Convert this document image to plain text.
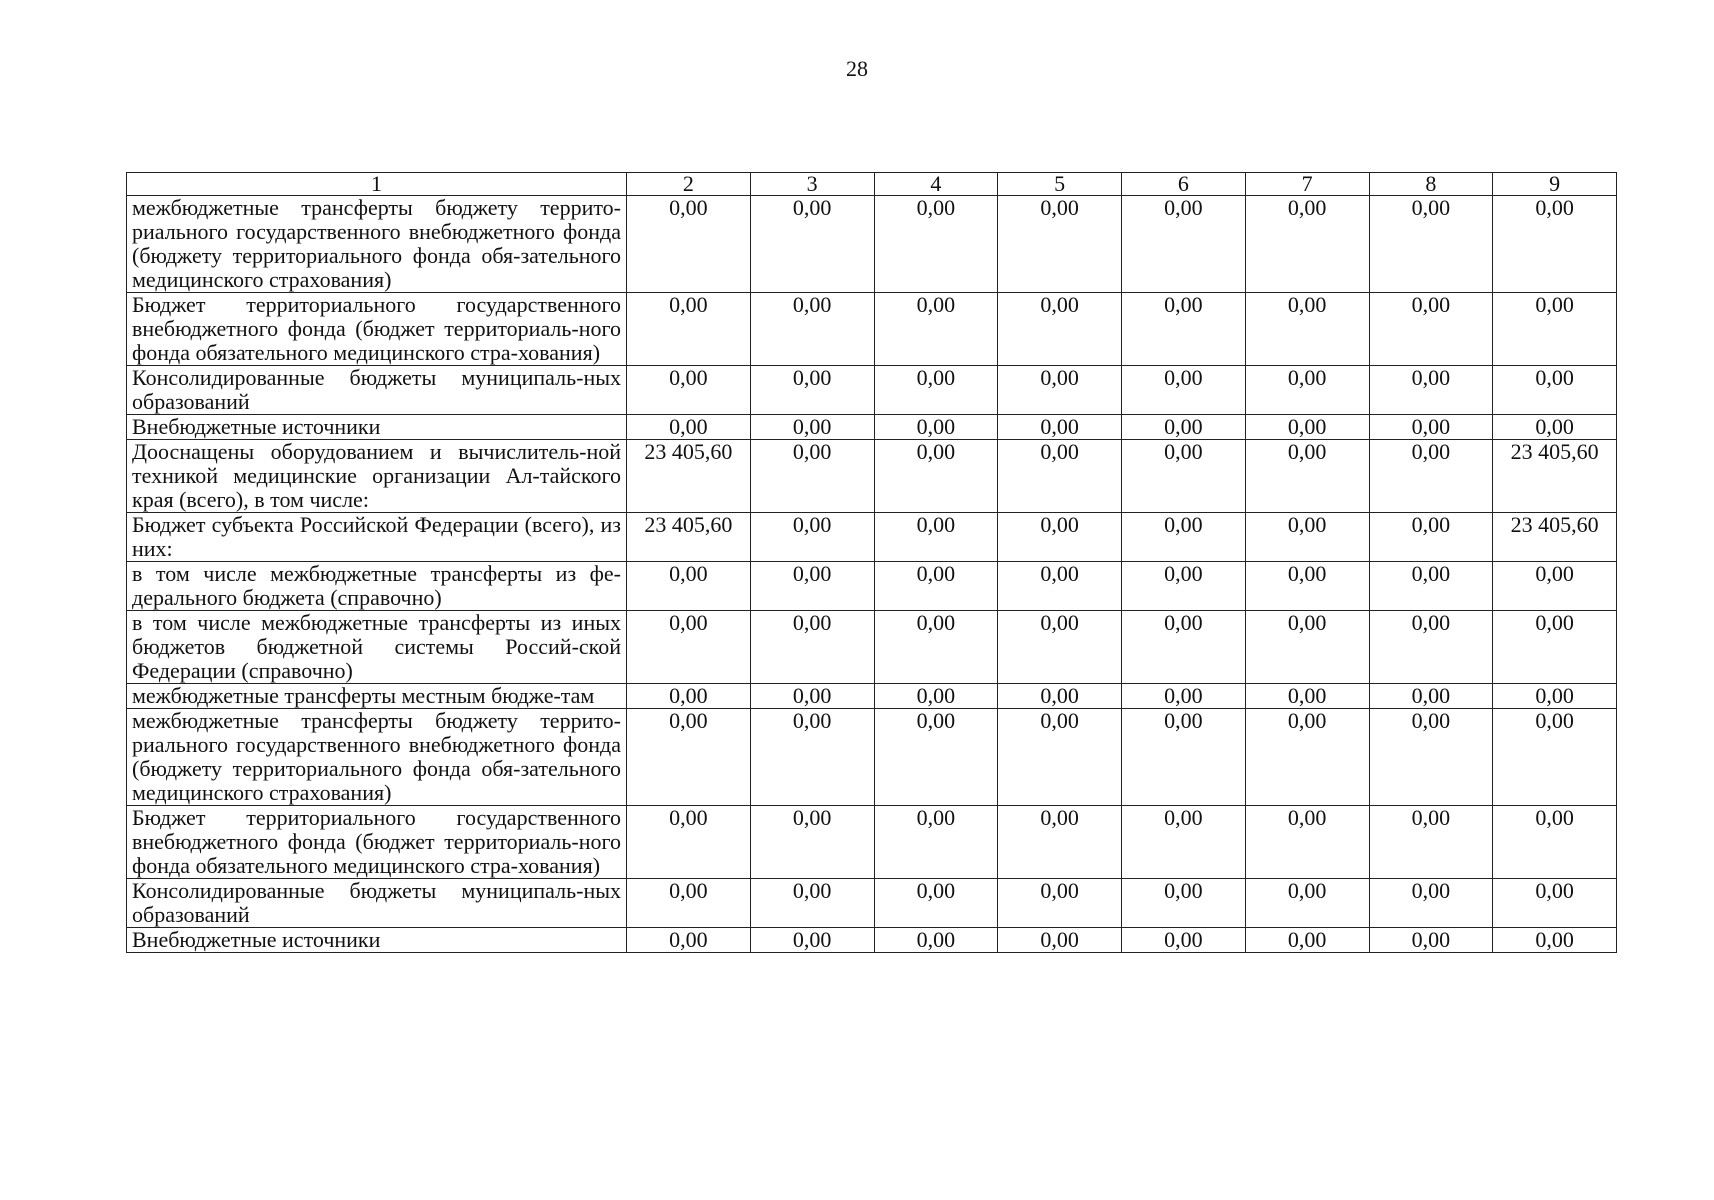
28
1	2	3	4	5	6	7	8	9
межбюджетные трансферты бюджету террито-риального государственного внебюджетного фонда (бюджету территориального фонда обя-зательного медицинского страхования)	0,00	0,00	0,00	0,00	0,00	0,00	0,00	0,00
Бюджет территориального государственного внебюджетного фонда (бюджет территориаль-ного фонда обязательного медицинского стра-хования)	0,00	0,00	0,00	0,00	0,00	0,00	0,00	0,00
Консолидированные бюджеты муниципаль-ных образований	0,00	0,00	0,00	0,00	0,00	0,00	0,00	0,00
Внебюджетные источники	0,00	0,00	0,00	0,00	0,00	0,00	0,00	0,00
Дооснащены оборудованием и вычислитель-ной техникой медицинские организации Ал-тайского края (всего), в том числе:	23 405,60	0,00	0,00	0,00	0,00	0,00	0,00	23 405,60
Бюджет субъекта Российской Федерации (всего), из них:	23 405,60	0,00	0,00	0,00	0,00	0,00	0,00	23 405,60
в том числе межбюджетные трансферты из фе-дерального бюджета (справочно)	0,00	0,00	0,00	0,00	0,00	0,00	0,00	0,00
в том числе межбюджетные трансферты из иных бюджетов бюджетной системы Россий-ской Федерации (справочно)	0,00	0,00	0,00	0,00	0,00	0,00	0,00	0,00
межбюджетные трансферты местным бюдже-там	0,00	0,00	0,00	0,00	0,00	0,00	0,00	0,00
межбюджетные трансферты бюджету террито-риального государственного внебюджетного фонда (бюджету территориального фонда обя-зательного медицинского страхования)	0,00	0,00	0,00	0,00	0,00	0,00	0,00	0,00
Бюджет территориального государственного внебюджетного фонда (бюджет территориаль-ного фонда обязательного медицинского стра-хования)	0,00	0,00	0,00	0,00	0,00	0,00	0,00	0,00
Консолидированные бюджеты муниципаль-ных образований	0,00	0,00	0,00	0,00	0,00	0,00	0,00	0,00
Внебюджетные источники	0,00	0,00	0,00	0,00	0,00	0,00	0,00	0,00
